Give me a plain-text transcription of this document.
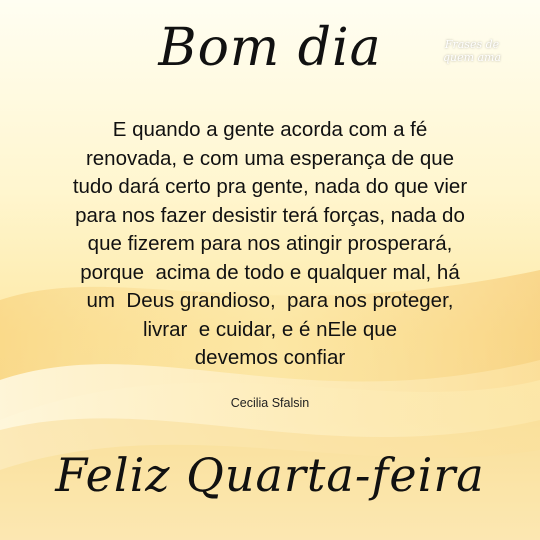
Bom dia	Frases de
quem ama

E quando a gente acorda com a fé
renovada, e com uma esperança de que
tudo dará certo pra gente, nada do que vier
para nos fazer desistir terá forças, nada do
que fizerem para nos atingir prosperará,
porque  acima de todo e qualquer mal, há
um  Deus grandioso,  para nos proteger,
livrar  e cuidar, e é nEle que
devemos confiar

Cecilia Sfalsin
Feliz Quarta-feira
